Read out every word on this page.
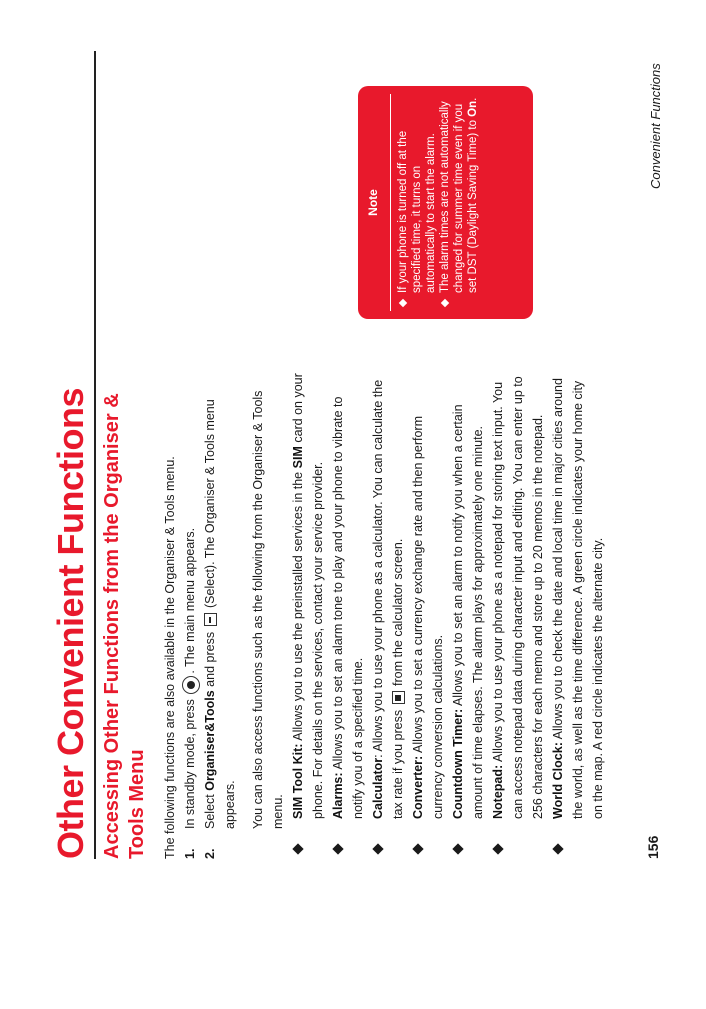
Other Convenient Functions Accessing Other Functions from the Organiser & Tools Menu The following functions are also available in the Organiser & Tools menu. 1.
In standby mode, press . The main menu appears.

2.
Select Organiser&Tools and press  (Select). The Organiser & Tools menu appears. You can also access functions such as the following from the Organiser & Tools menu. SIM Tool Kit: Allows you to use the preinstalled services in the SIM card on your phone. For details on the services, contact your service provider. Alarms: Allows you to set an alarm tone to play and your phone to vibrate to notify you of a specified time. Calculator: Allows you to use your phone as a calculator. You can calculate the tax rate if you press  from the calculator screen.
Converter: Allows you to set a currency exchange rate and then perform currency conversion calculations. Countdown Timer: Allows you to set an alarm to notify you when a certain amount of time elapses. The alarm plays for approximately one minute. Notepad: Allows you to use your phone as a notepad for storing text input. You can access notepad data during character input and editing. You can enter up to 256 characters for each memo and store up to 20 memos in the notepad. World Clock: Allows you to check the date and local time in major cities around the world, as well as the time difference. A green circle indicates your home city on the map. A red circle indicates the alternate city.
Note If your phone is turned off at the specified time, it turns on automatically to start the alarm. The alarm times are not automatically changed for summer time even if you set DST (Daylight Saving Time) to On.
156
Convenient Functions
